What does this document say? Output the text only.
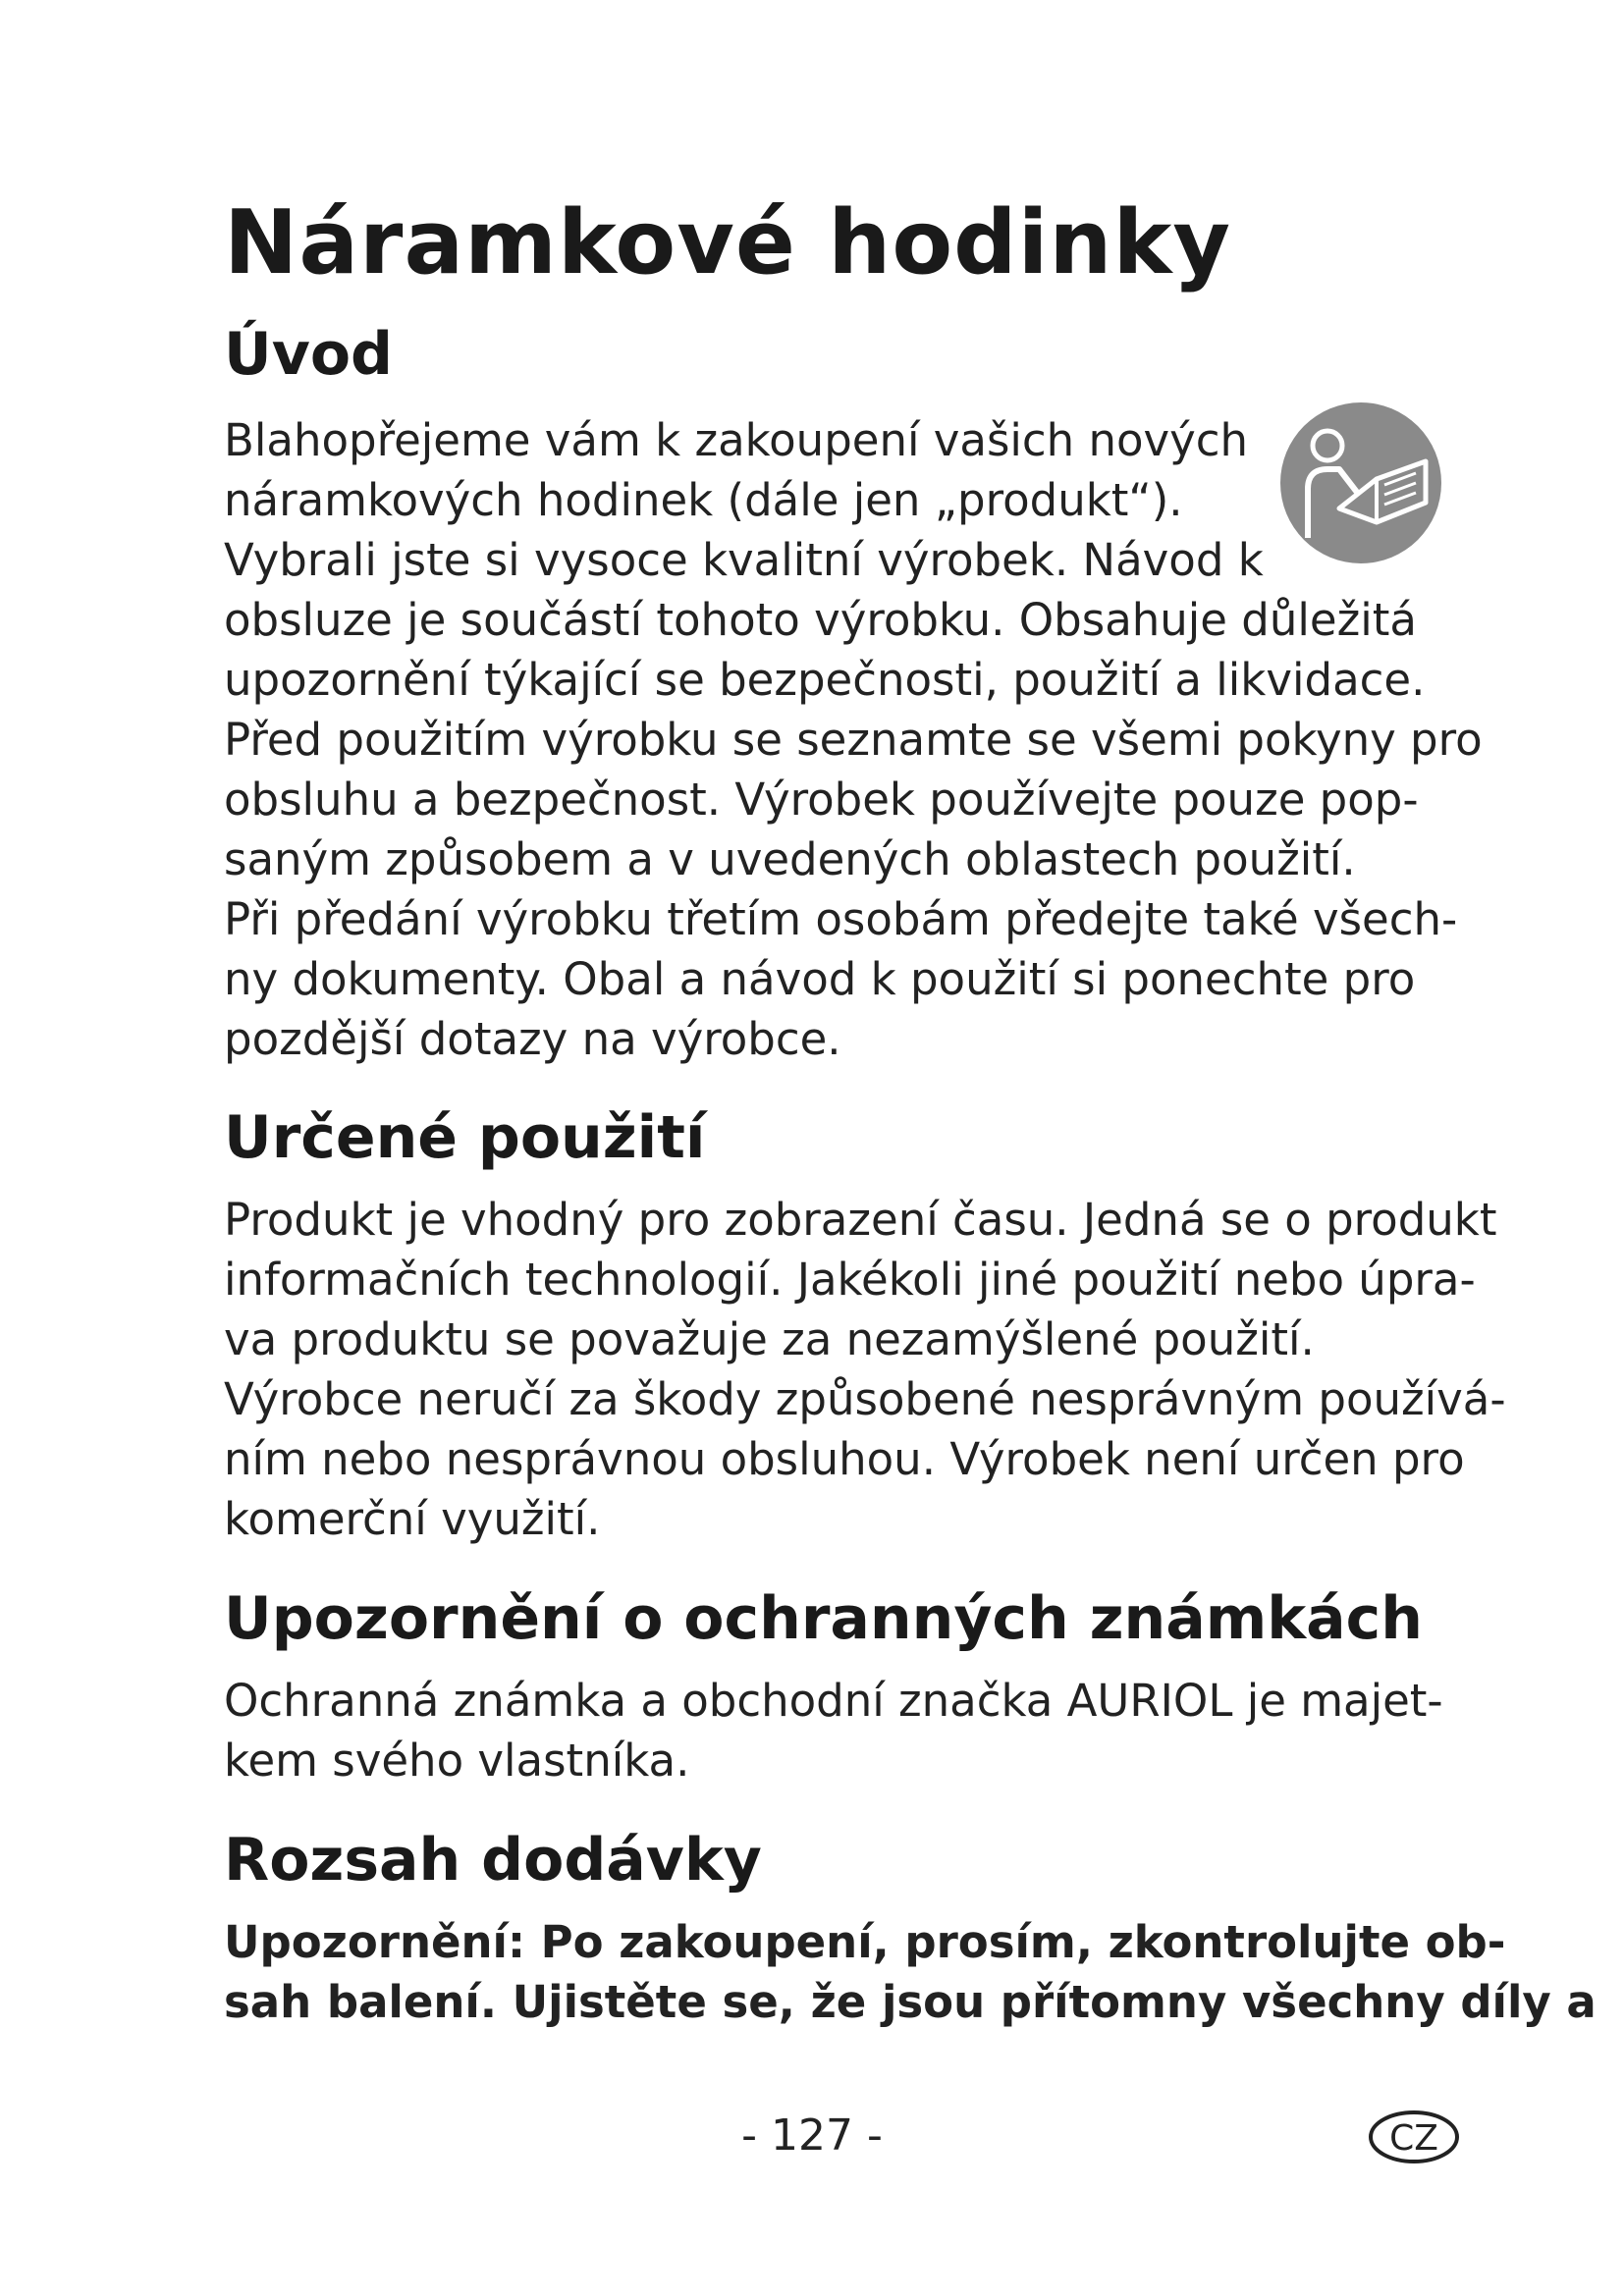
Náramkové hodinky
Úvod
Blahopřejeme vám k zakoupení vašich nových
náramkových hodinek (dále jen „produkt“).
Vybrali jste si vysoce kvalitní výrobek. Návod k
obsluze je součástí tohoto výrobku. Obsahuje důležitá
upozornění týkající se bezpečnosti, použití a likvidace.
Před použitím výrobku se seznamte se všemi pokyny pro
obsluhu a bezpečnost. Výrobek používejte pouze pop-
saným způsobem a v uvedených oblastech použití.
Při předání výrobku třetím osobám předejte také všech-
ny dokumenty. Obal a návod k použití si ponechte pro
pozdější dotazy na výrobce.
Určené použití
Produkt je vhodný pro zobrazení času. Jedná se o produkt
informačních technologií. Jakékoli jiné použití nebo úpra-
va produktu se považuje za nezamýšlené použití.
Výrobce neručí za škody způsobené nesprávným používá-
ním nebo nesprávnou obsluhou. Výrobek není určen pro
komerční využití.
Upozornění o ochranných známkách
Ochranná známka a obchodní značka AURIOL je majet-
kem svého vlastníka.
Rozsah dodávky
Upozornění: Po zakoupení, prosím, zkontrolujte ob-
sah balení. Ujistěte se, že jsou přítomny všechny díly a
- 127 -	CZ
